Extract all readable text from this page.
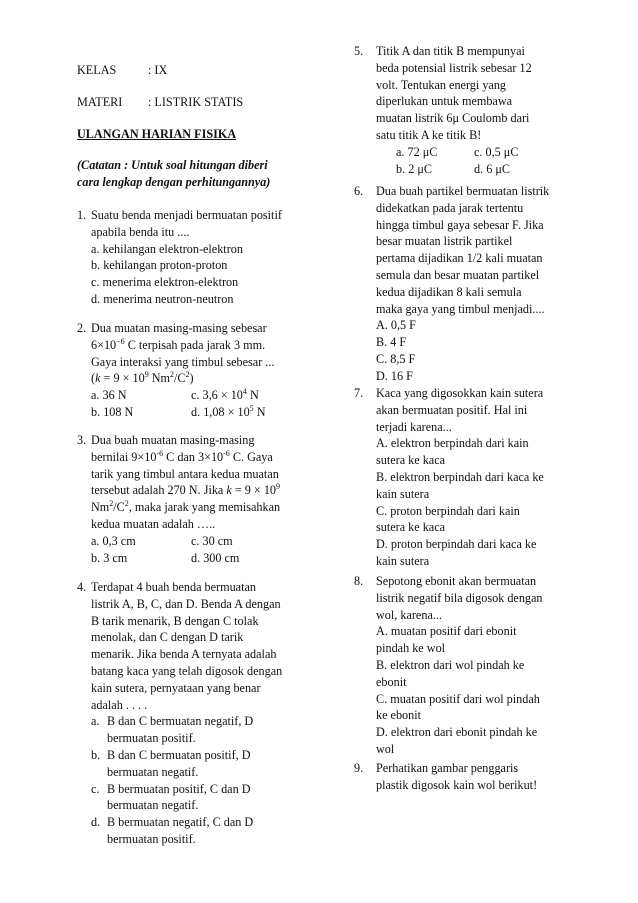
KELAS	: IX
MATERI : LISTRIK STATIS
ULANGAN HARIAN FISIKA
(Catatan : Untuk soal hitungan diberi
cara lengkap dengan perhitungannya)
1. Suatu benda menjadi bermuatan positif
apabila benda itu ....
a. kehilangan elektron-elektron
b. kehilangan proton-proton
c. menerima elektron-elektron
d. menerima neutron-neutron
2. Dua muatan masing-masing sebesar
$6\times 10^{-6}$ C terpisah pada jarak 3 mm.
Gaya interaksi yang timbul sebesar ...
($k = 9 \times 10^9$ $Nm^2/C^2$)
a. 36 N	c. $3,6 \times 10^4$ N
b. 108 N	d. $1,08 \times 10^5$ N
3. Dua buah muatan masing-masing
bernilai $9\times 10^{-6}$ C dan $3\times 10^{-6}$ C. Gaya
tarik yang timbul antara kedua muatan
tersebut adalah 270 N. Jika $k = 9 \times 10^9$
$Nm^2/C^2$, maka jarak yang memisahkan
kedua muatan adalah …..
a. 0,3 cm	c. 30 cm
b. 3 cm	d. 300 cm
4. Terdapat 4 buah benda bermuatan
listrik A, B, C, dan D. Benda A dengan
B tarik menarik, B dengan C tolak
menolak, dan C dengan D tarik
menarik. Jika benda A ternyata adalah
batang kaca yang telah digosok dengan
kain sutera, pernyataan yang benar
adalah . . . .
a. B dan C bermuatan negatif, D
bermuatan positif.
b. B dan C bermuatan positif, D
bermuatan negatif.
c. B bermuatan positif, C dan D
bermuatan negatif.
d. B bermuatan negatif, C dan D
bermuatan positif.
5. Titik A dan titik B mempunyai
beda potensial listrik sebesar 12
volt. Tentukan energi yang
diperlukan untuk membawa
muatan listrik 6μ Coulomb dari
satu titik A ke titik B!
a. 72 μC	c. 0,5 μC
b. 2 μC	d. 6 μC
6. Dua buah partikel bermuatan listrik
didekatkan pada jarak tertentu
hingga timbul gaya sebesar F. Jika
besar muatan listrik partikel
pertama dijadikan 1/2 kali muatan
semula dan besar muatan partikel
kedua dijadikan 8 kali semula
maka gaya yang timbul menjadi....
A. 0,5 F
B. 4 F
C. 8,5 F
D. 16 F
7. Kaca yang digosokkan kain sutera
akan bermuatan positif. Hal ini
terjadi karena...
A. elektron berpindah dari kain
sutera ke kaca
B. elektron berpindah dari kaca ke
kain sutera
C. proton berpindah dari kain
sutera ke kaca
D. proton berpindah dari kaca ke
kain sutera
8. Sepotong ebonit akan bermuatan
listrik negatif bila digosok dengan
wol, karena...
A. muatan positif dari ebonit
pindah ke wol
B. elektron dari wol pindah ke
ebonit
C. muatan positif dari wol pindah
ke ebonit
D. elektron dari ebonit pindah ke
wol
9. Perhatikan gambar penggaris
plastik digosok kain wol berikut!
